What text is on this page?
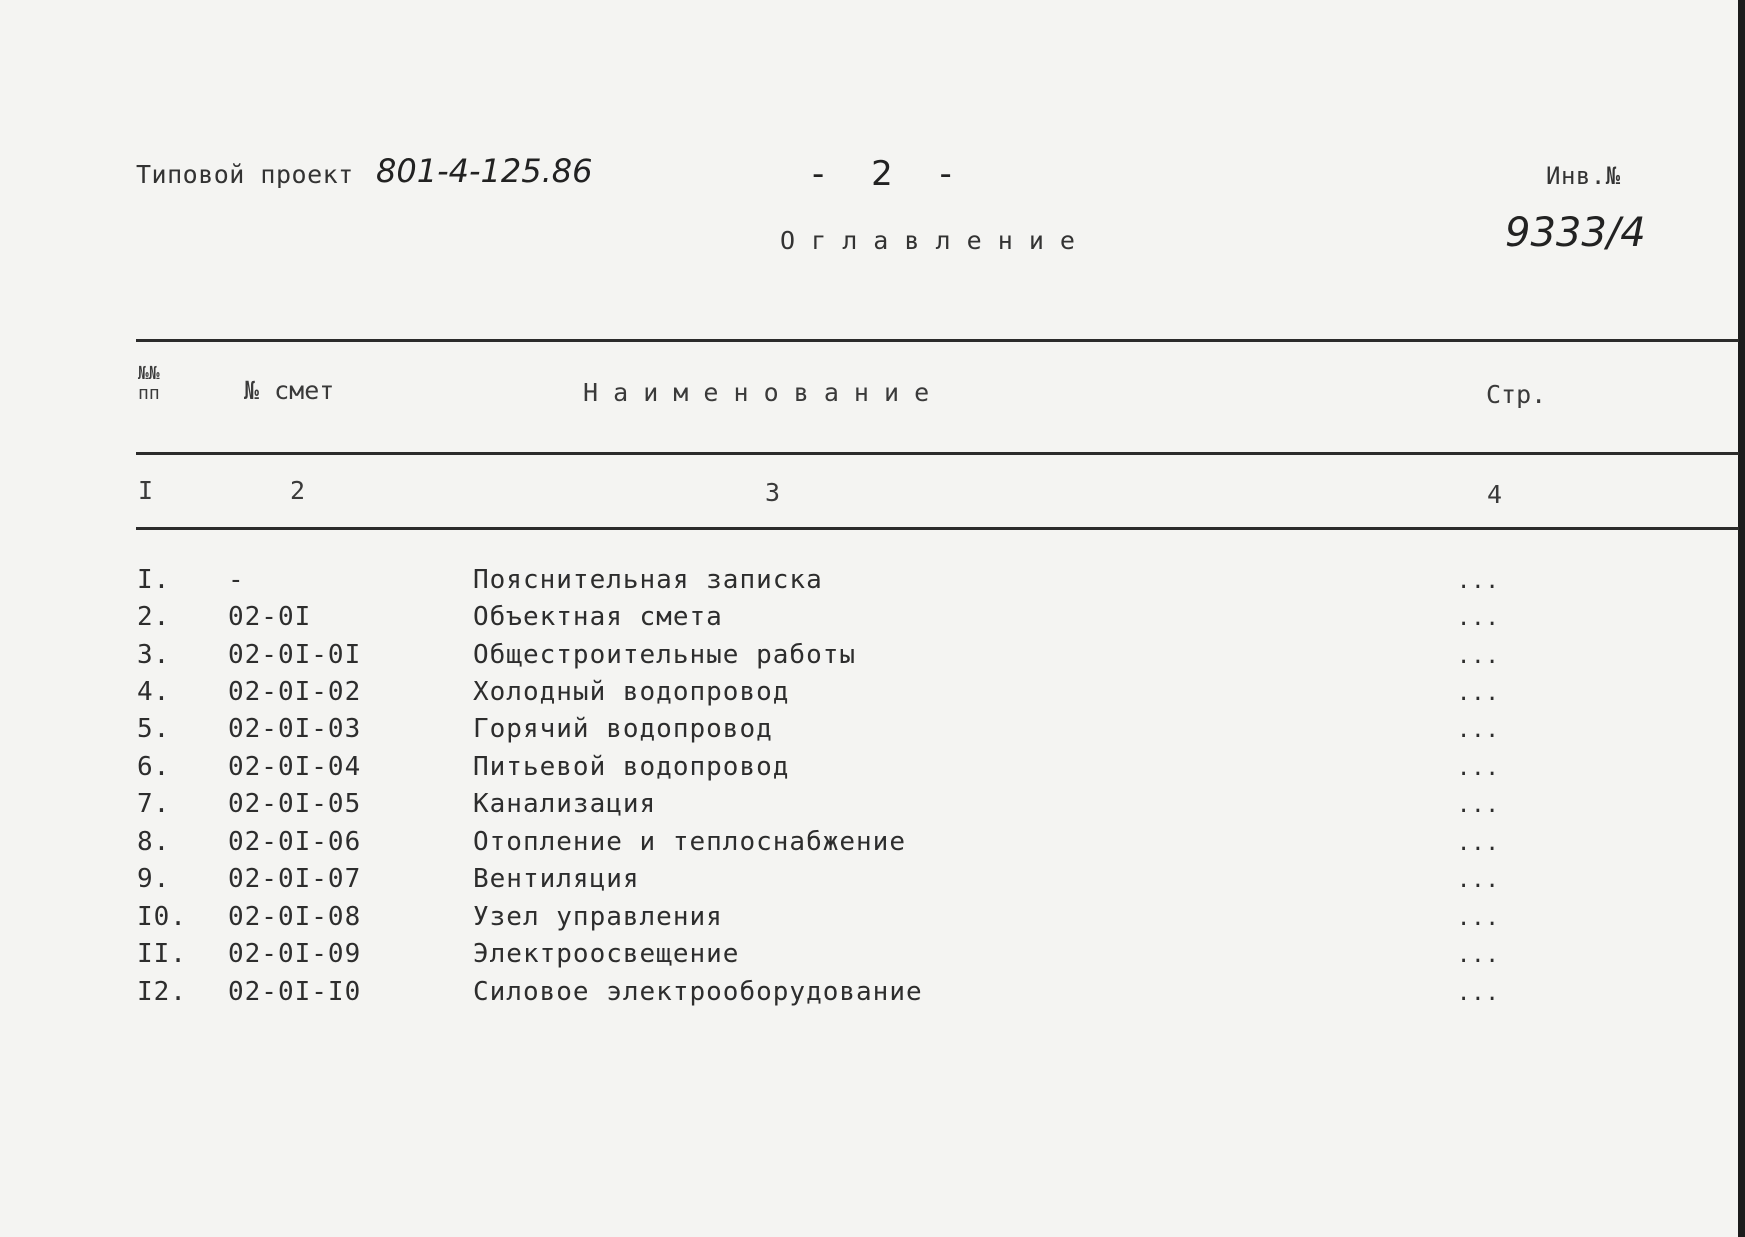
Типовой проект 801-4-125.86	- 2 -	Инв.№
9333/4
О г л а в л е н и е
№№
пп	№ смет	Н а и м е н о в а н и е	Стр.
I	2	3	4
I. -	Пояснительная записка	...
2. 02-0I	Объектная смета	...
3. 02-0I-0I	Общестроительные работы	...
4. 02-0I-02	Холодный водопровод	...
5. 02-0I-03	Горячий водопровод	...
6. 02-0I-04	Питьевой водопровод	...
7. 02-0I-05	Канализация	...
8. 02-0I-06	Отопление и теплоснабжение	...
9. 02-0I-07	Вентиляция	...
I0. 02-0I-08	Узел управления	...
II. 02-0I-09	Электроосвещение	...
I2. 02-0I-I0	Силовое электрооборудование	...
